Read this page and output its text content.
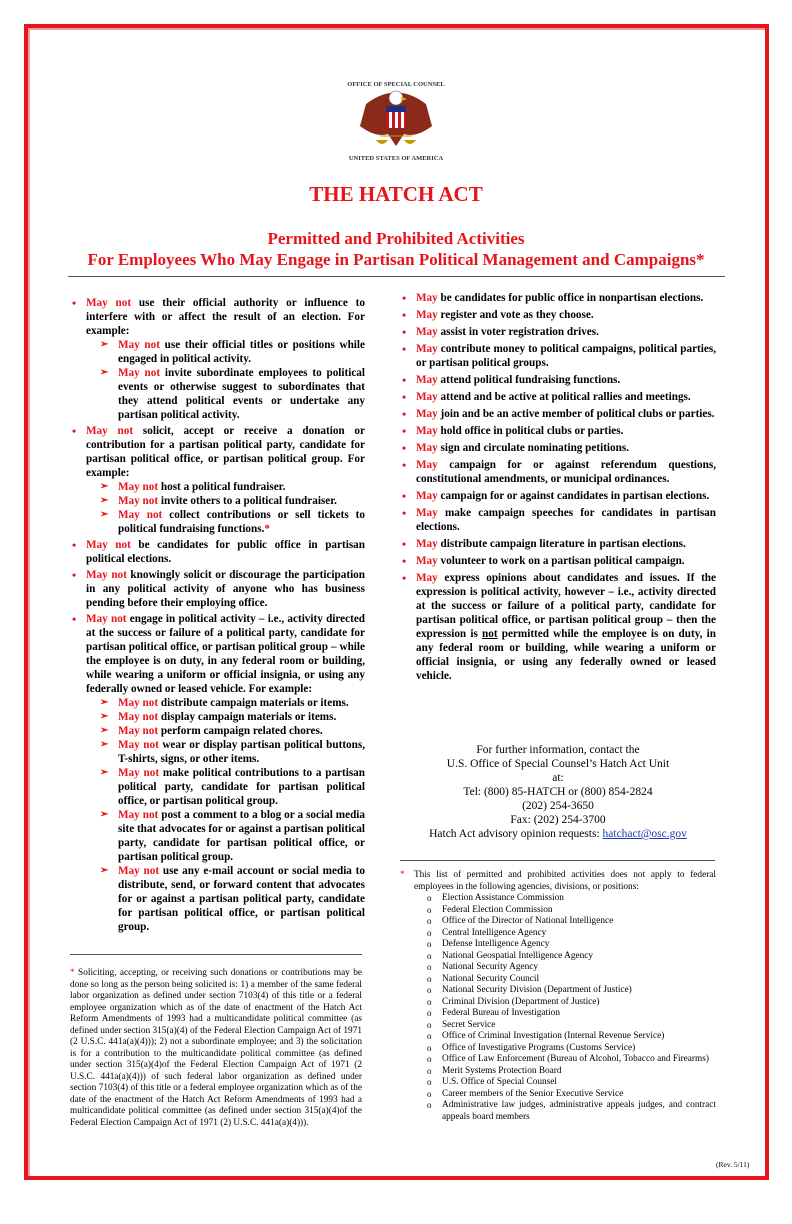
OFFICE OF SPECIAL COUNSEL
UNITED STATES OF AMERICA
THE HATCH ACT
Permitted and Prohibited Activities
For Employees Who May Engage in Partisan Political Management and Campaigns*
• May not use their official authority or influence to interfere with or affect the result of an election. For example:
➢ May not use their official titles or positions while engaged in political activity.
➢ May not invite subordinate employees to political events or otherwise suggest to subordinates that they attend political events or undertake any partisan political activity.
• May not solicit, accept or receive a donation or contribution for a partisan political party, candidate for partisan political office, or partisan political group. For example:
➢ May not host a political fundraiser.
➢ May not invite others to a political fundraiser.
➢ May not collect contributions or sell tickets to political fundraising functions.*
• May not be candidates for public office in partisan political elections.
• May not knowingly solicit or discourage the participation in any political activity of anyone who has business pending before their employing office.
• May not engage in political activity – i.e., activity directed at the success or failure of a political party, candidate for partisan political office, or partisan political group – while the employee is on duty, in any federal room or building, while wearing a uniform or official insignia, or using any federally owned or leased vehicle. For example:
➢ May not distribute campaign materials or items.
➢ May not display campaign materials or items.
➢ May not perform campaign related chores.
➢ May not wear or display partisan political buttons, T-shirts, signs, or other items.
➢ May not make political contributions to a partisan political party, candidate for partisan political office, or partisan political group.
➢ May not post a comment to a blog or a social media site that advocates for or against a partisan political party, candidate for partisan political office, or partisan political group.
➢ May not use any e-mail account or social media to distribute, send, or forward content that advocates for or against a partisan political party, candidate for partisan political office, or partisan political group.
* Soliciting, accepting, or receiving such donations or contributions may be done so long as the person being solicited is: 1) a member of the same federal labor organization as defined under section 7103(4) of this title or a federal employee organization which as of the date of enactment of the Hatch Act Reform Amendments of 1993 had a multicandidate political committee (as defined under section 315(a)(4) of the Federal Election Campaign Act of 1971 (2 U.S.C. 441a(a)(4))); 2) not a subordinate employee; and 3) the solicitation is for a contribution to the multicandidate political committee (as defined under section 315(a)(4)of the Federal Election Campaign Act of 1971 (2 U.S.C. 441a(a)(4))) of such federal labor organization as defined under section 7103(4) of this title or a federal employee organization which as of the date of the enactment of the Hatch Act Reform Amendments of 1993 had a multicandidate political committee (as defined under section 315(a)(4)of the Federal Election Campaign Act of 1971 (2) U.S.C. 441a(a)(4))).
• May be candidates for public office in nonpartisan elections.
• May register and vote as they choose.
• May assist in voter registration drives.
• May contribute money to political campaigns, political parties, or partisan political groups.
• May attend political fundraising functions.
• May attend and be active at political rallies and meetings.
• May join and be an active member of political clubs or parties.
• May hold office in political clubs or parties.
• May sign and circulate nominating petitions.
• May campaign for or against referendum questions, constitutional amendments, or municipal ordinances.
• May campaign for or against candidates in partisan elections.
• May make campaign speeches for candidates in partisan elections.
• May distribute campaign literature in partisan elections.
• May volunteer to work on a partisan political campaign.
• May express opinions about candidates and issues. If the expression is political activity, however – i.e., activity directed at the success or failure of a political party, candidate for partisan political office, or partisan political group – then the expression is not permitted while the employee is on duty, in any federal room or building, while wearing a uniform or official insignia, or using any federally owned or leased vehicle.
For further information, contact the
U.S. Office of Special Counsel’s Hatch Act Unit
at:
Tel: (800) 85-HATCH or (800) 854-2824
(202) 254-3650
Fax: (202) 254-3700
Hatch Act advisory opinion requests: hatchact@osc.gov
* This list of permitted and prohibited activities does not apply to federal employees in the following agencies, divisions, or positions:
o Election Assistance Commission
o Federal Election Commission
o Office of the Director of National Intelligence
o Central Intelligence Agency
o Defense Intelligence Agency
o National Geospatial Intelligence Agency
o National Security Agency
o National Security Council
o National Security Division (Department of Justice)
o Criminal Division (Department of Justice)
o Federal Bureau of Investigation
o Secret Service
o Office of Criminal Investigation (Internal Revenue Service)
o Office of Investigative Programs (Customs Service)
o Office of Law Enforcement (Bureau of Alcohol, Tobacco and Firearms)
o Merit Systems Protection Board
o U.S. Office of Special Counsel
o Career members of the Senior Executive Service
o Administrative law judges, administrative appeals judges, and contract appeals board members
(Rev. 5/11)
